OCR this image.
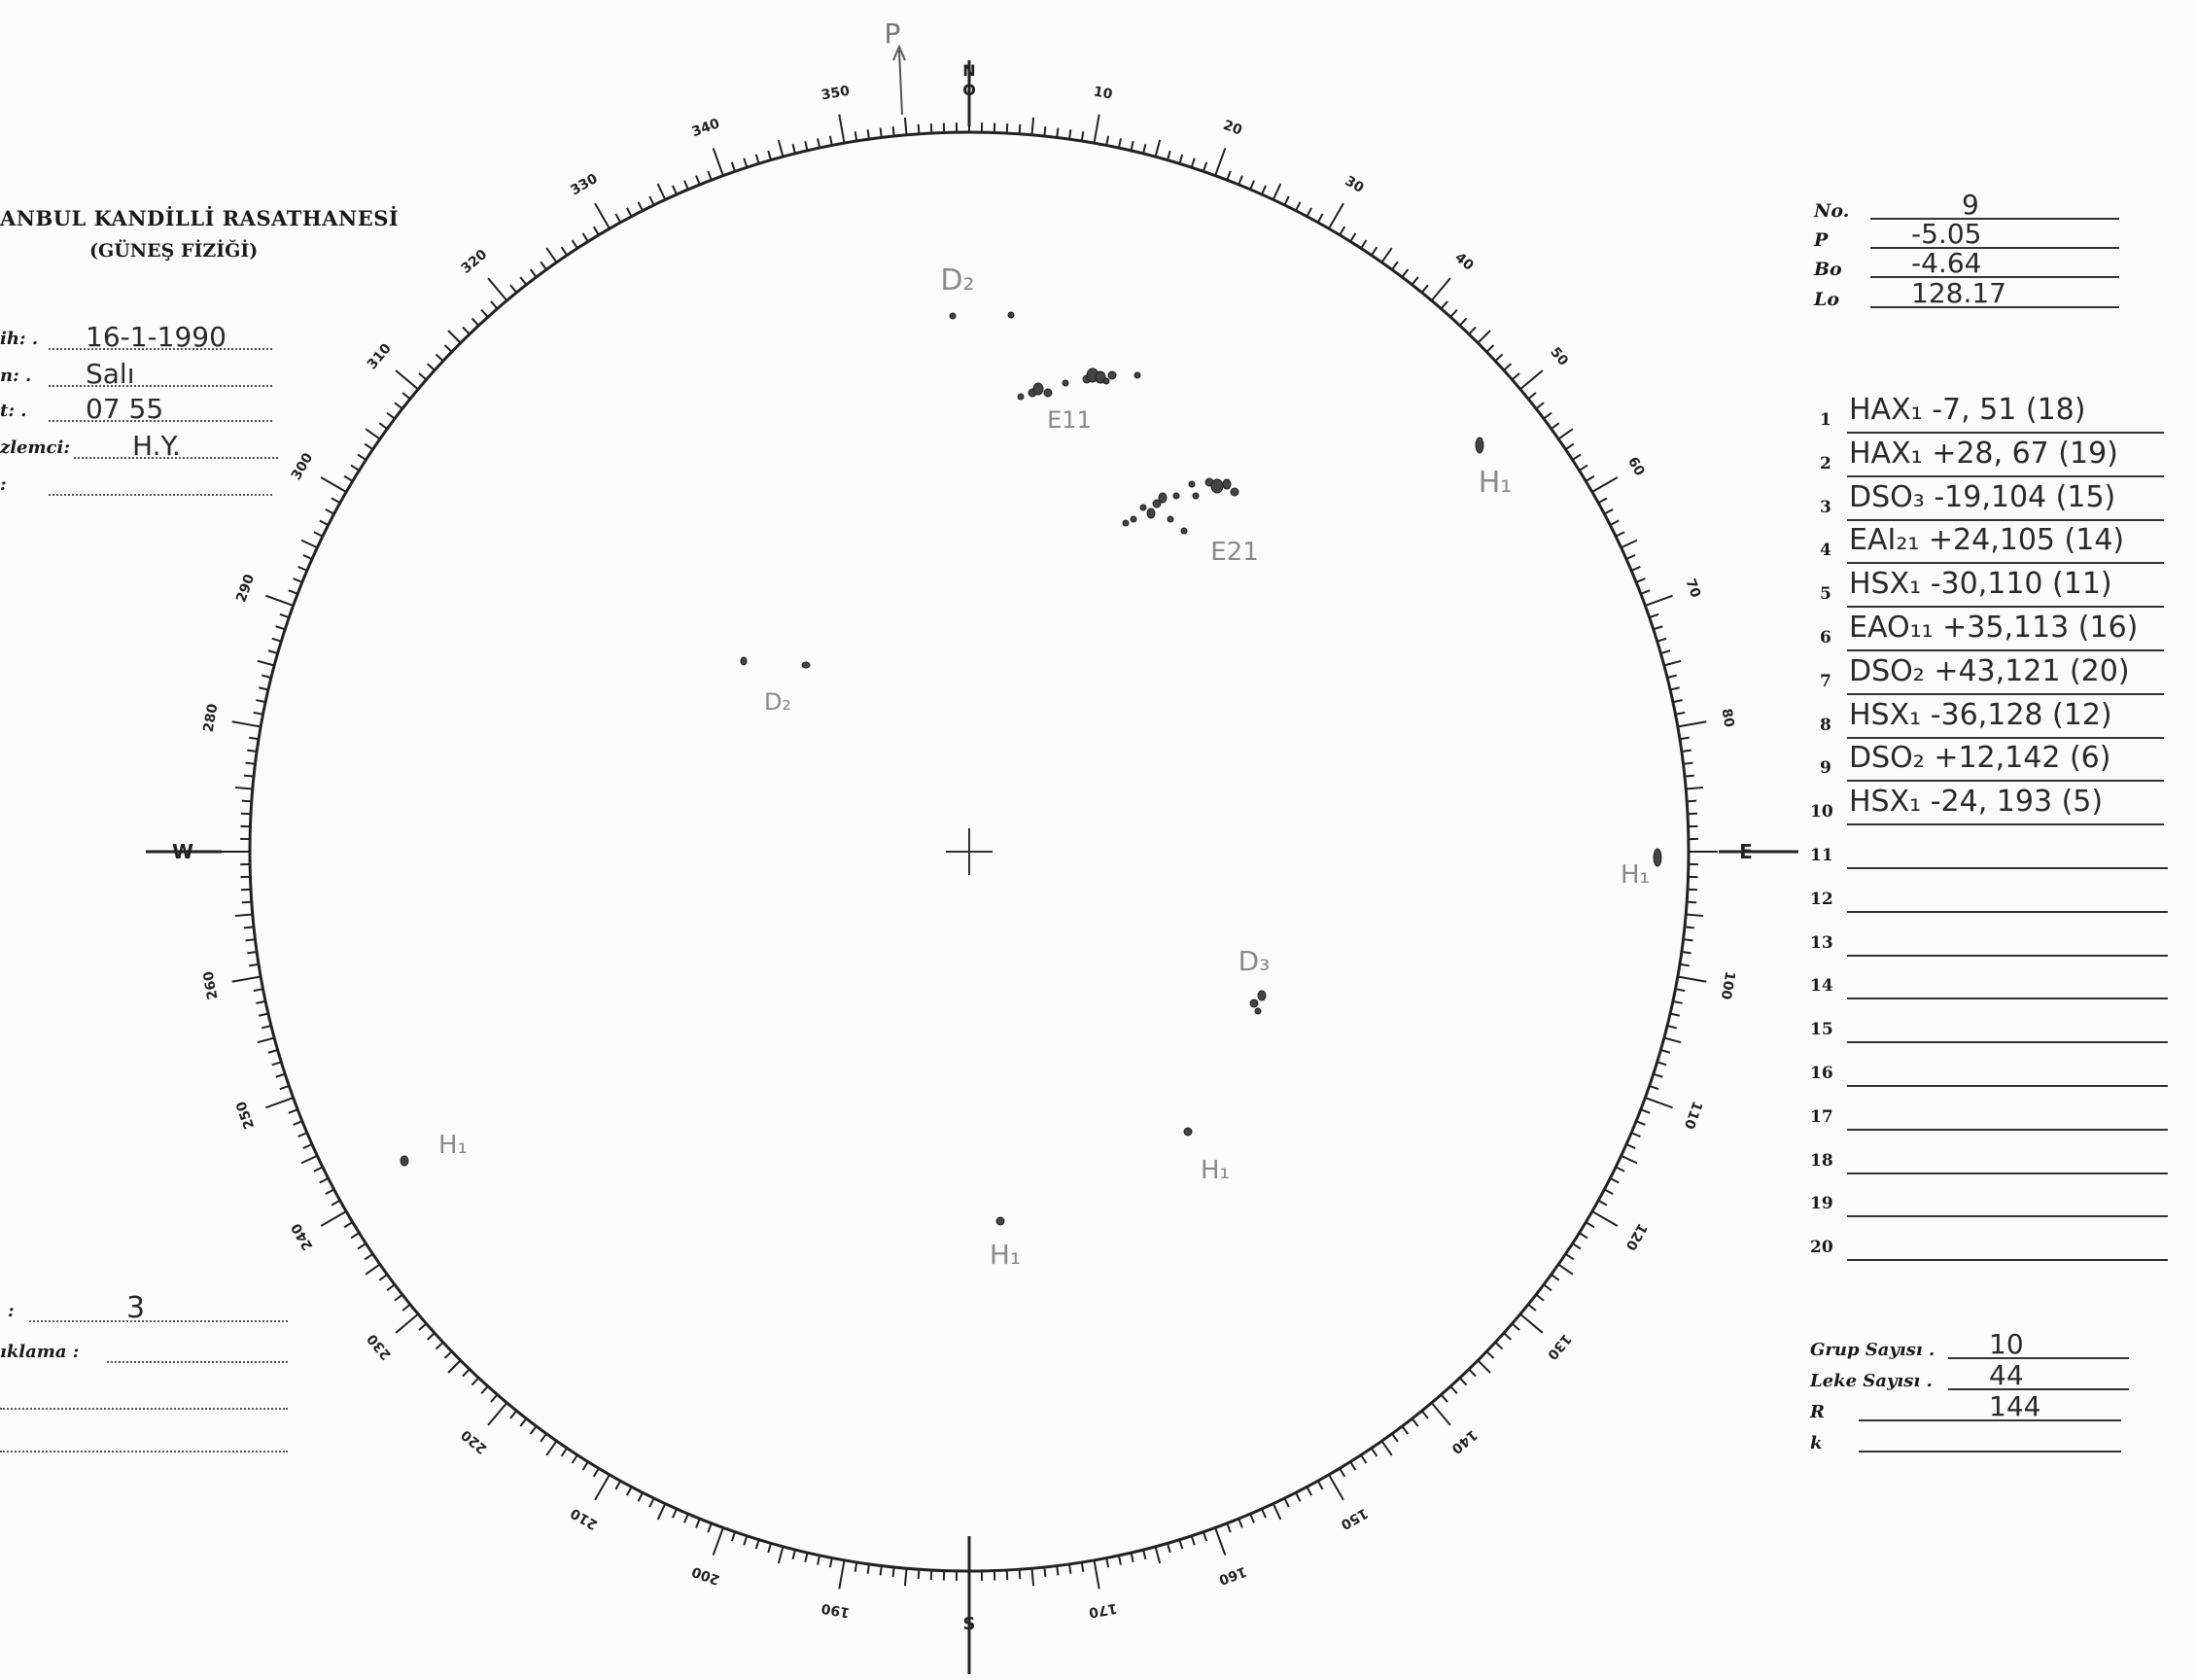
ANBUL KANDİLLİ RASATHANESİ
(GÜNEŞ FİZİĞİ)
ih: . 16-1-1990
n: . Salı
t: . 07 55
zlemci: H.Y.
:
:	3
ıklama :
No.	9
P	-5.05
Bo	-4.64
Lo	128.17
1 HAX₁ -7, 51 (18)
2 HAX₁ +28, 67 (19)
3 DSO₃ -19,104 (15)
4 EAI₂₁ +24,105 (14)
5 HSX₁ -30,110 (11)
6 EAO₁₁ +35,113 (16)
7 DSO₂ +43,121 (20)
8 HSX₁ -36,128 (12)
9 DSO₂ +12,142 (6)
10 HSX₁ -24, 193 (5)
11
12
13
14
15
16
17
18
19
20
Grup Sayısı . 10
Leke Sayısı . 44
R	144
k
10
20
30
40
50
60
70
80
100
110
120
130
140
150
160
170
190
200
210
220
230
240
250
260
280
290
300
310
320
330
340
350
N
O
S
W	E
P
D₂
E11
H₁
E21
D₂
H₁
D₃
H₁
H₁
H₁
